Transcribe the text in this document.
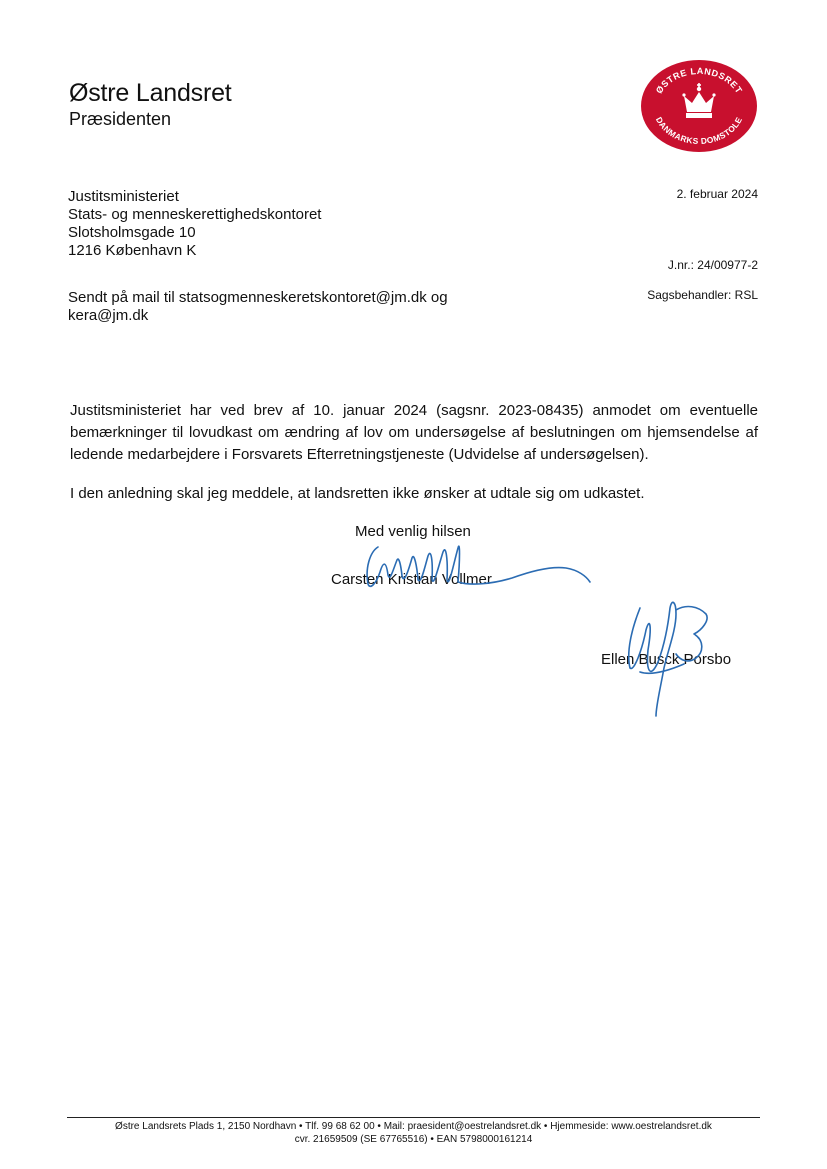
Østre Landsret
Præsidenten
ØSTRE LANDSRET
DANMARKS DOMSTOLE
Justitsministeriet
Stats- og menneskerettighedskontoret
Slotsholmsgade 10
1216 København K
2. februar 2024
J.nr.: 24/00977-2
Sagsbehandler: RSL
Sendt på mail til statsogmenneskeretskontoret@jm.dk og kera@jm.dk
Justitsministeriet har ved brev af 10. januar 2024 (sagsnr. 2023-08435) anmodet om eventuelle bemærkninger til lovudkast om ændring af lov om undersøgelse af beslutningen om hjemsendelse af ledende medarbejdere i Forsvarets Efterretningstjeneste (Udvidelse af undersøgelsen).
I den anledning skal jeg meddele, at landsretten ikke ønsker at udtale sig om udkastet.
Med venlig hilsen
Carsten Kristian Vollmer
Ellen Busck Porsbo
Østre Landsrets Plads 1, 2150 Nordhavn • Tlf. 99 68 62 00 • Mail: praesident@oestrelandsret.dk • Hjemmeside: www.oestrelandsret.dk
cvr. 21659509 (SE 67765516) • EAN 5798000161214
